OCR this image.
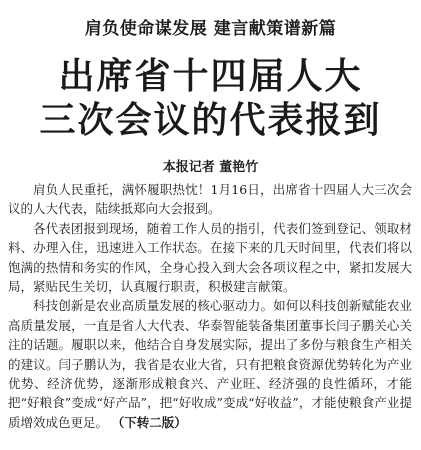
肩负使命谋发展 建言献策谱新篇
出席省十四届人大
三次会议的代表报到
本报记者 董艳竹

肩负人民重托，满怀履职热忱！1月16日，出席省十四届人大三次会议的人大代表，陆续抵郑向大会报到。

各代表团报到现场，随着工作人员的指引，代表们签到登记、领取材料、办理入住，迅速进入工作状态。在接下来的几天时间里，代表们将以饱满的热情和务实的作风，全身心投入到大会各项议程之中，紧扣发展大局，紧贴民生关切，认真履行职责，积极建言献策。

科技创新是农业高质量发展的核心驱动力。如何以科技创新赋能农业高质量发展，一直是省人大代表、华泰智能装备集团董事长闫子鹏关心关注的话题。履职以来，他结合自身发展实际，提出了多份与粮食生产相关的建议。闫子鹏认为，我省是农业大省，只有把粮食资源优势转化为产业优势、经济优势，逐渐形成粮食兴、产业旺、经济强的良性循环，才能把“好粮食”变成“好产品”，把“好收成”变成“好收益”，才能使粮食产业提质增效成色更足。 （下转二版）
